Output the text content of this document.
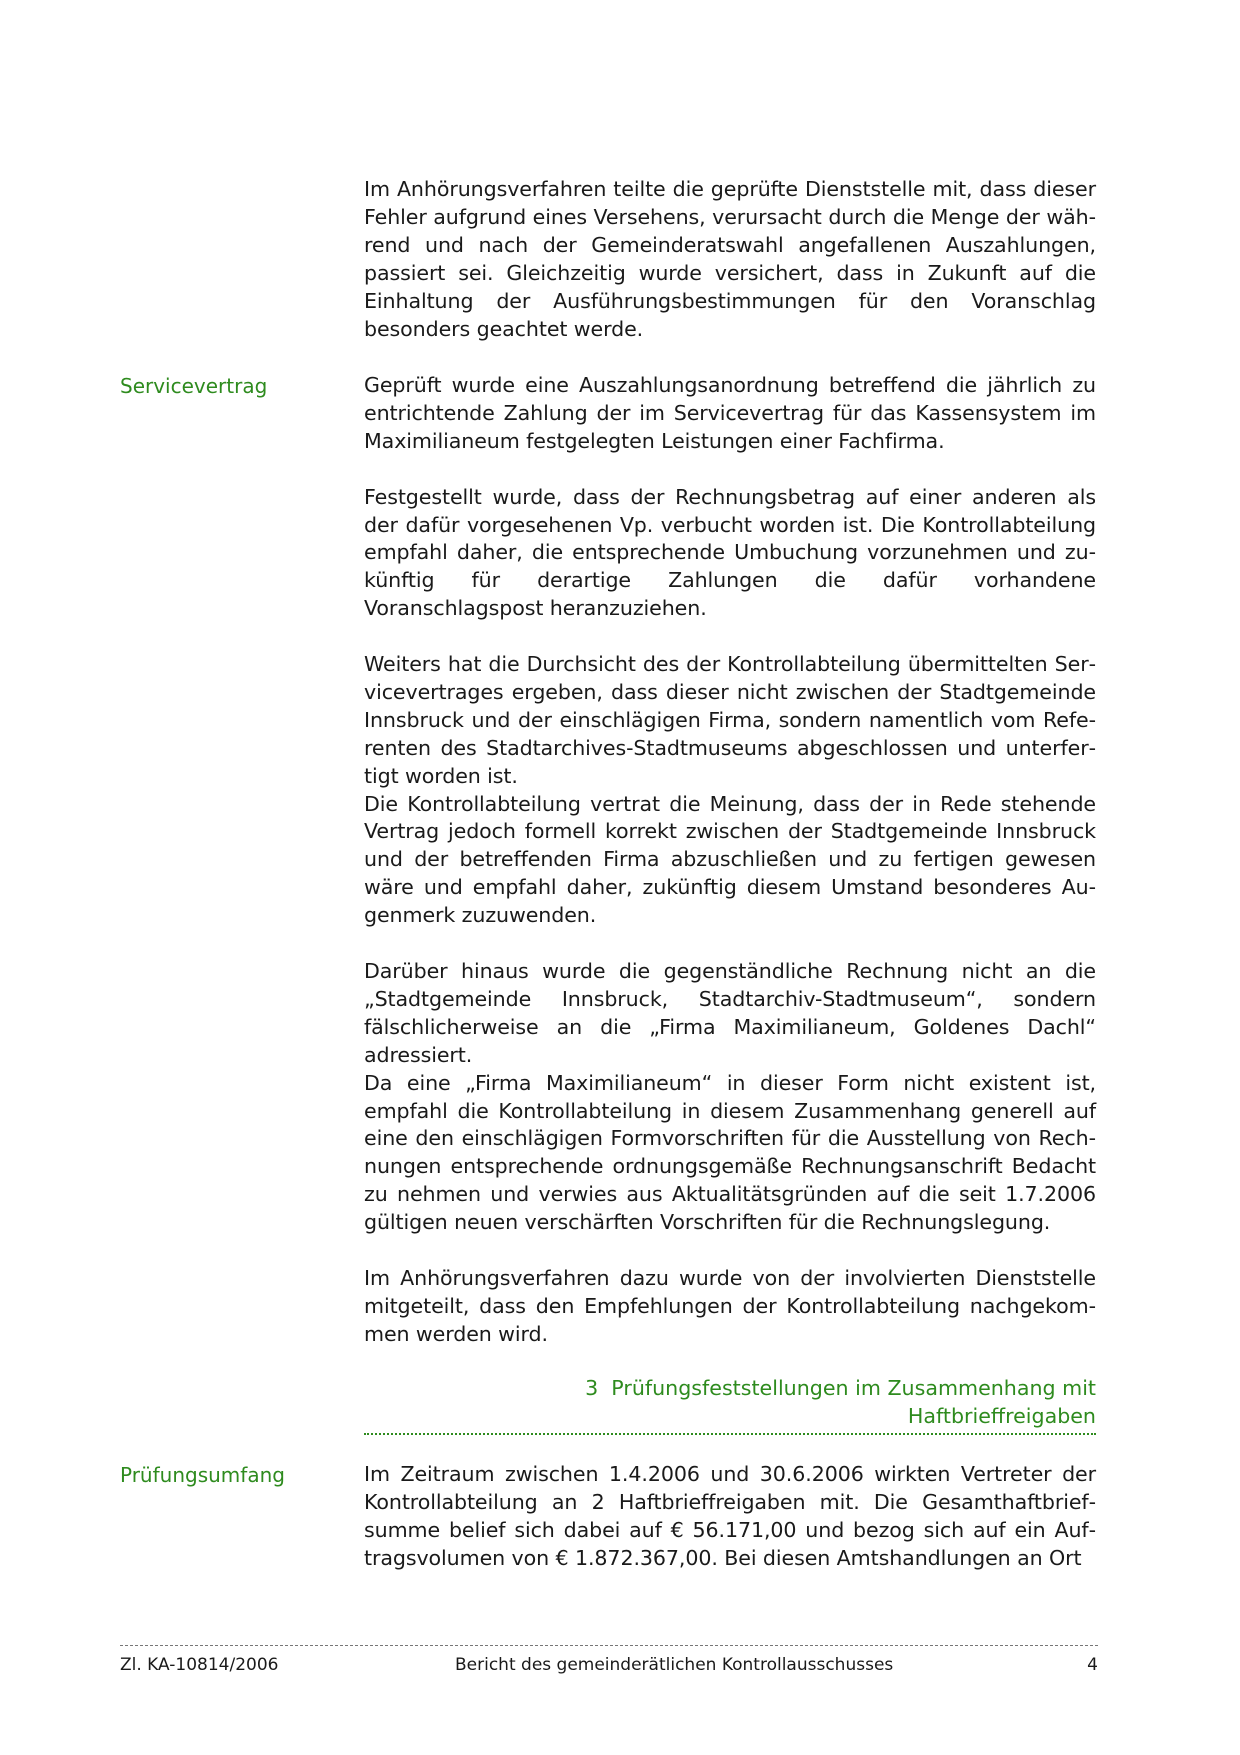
Im Anhörungsverfahren teilte die geprüfte Dienststelle mit, dass dieser Fehler aufgrund eines Versehens, verursacht durch die Menge der während und nach der Gemeinderatswahl angefallenen Auszahlungen, passiert sei. Gleichzeitig wurde versichert, dass in Zukunft auf die Einhaltung der Ausführungsbestimmungen für den Voranschlag besonders geachtet werde.

Servicevertrag	Geprüft wurde eine Auszahlungsanordnung betreffend die jährlich zu entrichtende Zahlung der im Servicevertrag für das Kassensystem im Maximilianeum festgelegten Leistungen einer Fachfirma.

Festgestellt wurde, dass der Rechnungsbetrag auf einer anderen als der dafür vorgesehenen Vp. verbucht worden ist. Die Kontrollabteilung empfahl daher, die entsprechende Umbuchung vorzunehmen und zukünftig für derartige Zahlungen die dafür vorhandene Voranschlagspost heranzuziehen.

Weiters hat die Durchsicht des der Kontrollabteilung übermittelten Servicevertrages ergeben, dass dieser nicht zwischen der Stadtgemeinde Innsbruck und der einschlägigen Firma, sondern namentlich vom Referenten des Stadtarchives-Stadtmuseums abgeschlossen und unterfertigt worden ist.

Die Kontrollabteilung vertrat die Meinung, dass der in Rede stehende Vertrag jedoch formell korrekt zwischen der Stadtgemeinde Innsbruck und der betreffenden Firma abzuschließen und zu fertigen gewesen wäre und empfahl daher, zukünftig diesem Umstand besonderes Augenmerk zuzuwenden.

Darüber hinaus wurde die gegenständliche Rechnung nicht an die „Stadtgemeinde Innsbruck, Stadtarchiv-Stadtmuseum“, sondern fälschlicherweise an die „Firma Maximilianeum, Goldenes Dachl“ adressiert.

Da eine „Firma Maximilianeum“ in dieser Form nicht existent ist, empfahl die Kontrollabteilung in diesem Zusammenhang generell auf eine den einschlägigen Formvorschriften für die Ausstellung von Rechnungen entsprechende ordnungsgemäße Rechnungsanschrift Bedacht zu nehmen und verwies aus Aktualitätsgründen auf die seit 1.7.2006 gültigen neuen verschärften Vorschriften für die Rechnungslegung.

Im Anhörungsverfahren dazu wurde von der involvierten Dienststelle mitgeteilt, dass den Empfehlungen der Kontrollabteilung nachgekommen werden wird.

3 Prüfungsfeststellungen im Zusammenhang mit
Haftbrieffreigaben
Prüfungsumfang	Im Zeitraum zwischen 1.4.2006 und 30.6.2006 wirkten Vertreter der Kontrollabteilung an 2 Haftbrieffreigaben mit. Die Gesamthaftbriefsumme belief sich dabei auf € 56.171,00 und bezog sich auf ein Auftragsvolumen von € 1.872.367,00. Bei diesen Amtshandlungen an Ort

Zl. KA-10814/2006	Bericht des gemeinderätlichen Kontrollausschusses	4
